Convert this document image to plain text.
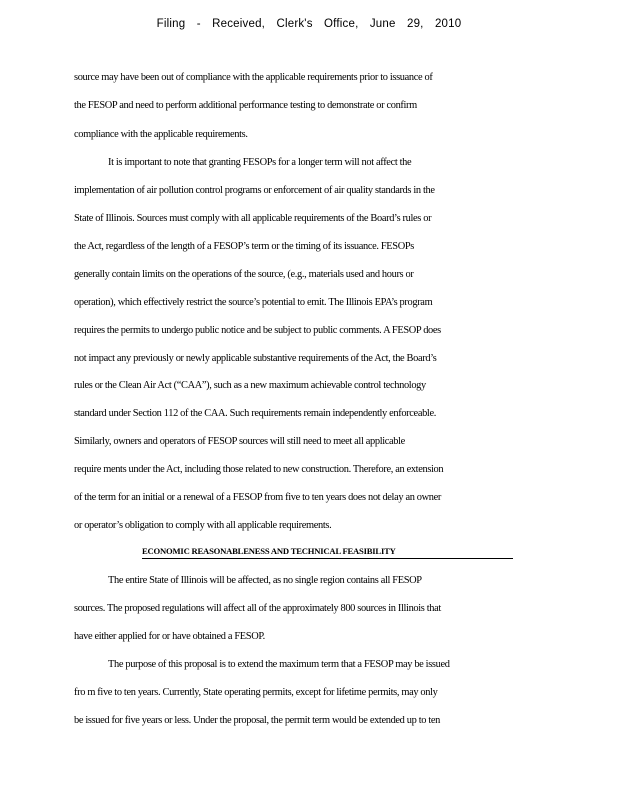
Filing - Received, Clerk's Office, June 29, 2010
source may have been out of compliance with the applicable requirements prior to issuance of
the FESOP and need to perform additional performance testing to demonstrate or confirm
compliance with the applicable requirements.
It is important to note that granting FESOPs for a longer term will not affect the
implementation of air pollution control programs or enforcement of air quality standards in the
State of Illinois. Sources must comply with all applicable requirements of the Board’s rules or
the Act, regardless of the length of a FESOP’s term or the timing of its issuance. FESOPs
generally contain limits on the operations of the source, (e.g., materials used and hours or
operation), which effectively restrict the source’s potential to emit. The Illinois EPA’s program
requires the permits to undergo public notice and be subject to public comments. A FESOP does
not impact any previously or newly applicable substantive requirements of the Act, the Board’s
rules or the Clean Air Act (“CAA”), such as a new maximum achievable control technology
standard under Section 112 of the CAA. Such requirements remain independently enforceable.
Similarly, owners and operators of FESOP sources will still need to meet all applicable
require ments under the Act, including those related to new construction. Therefore, an extension
of the term for an initial or a renewal of a FESOP from five to ten years does not delay an owner
or operator’s obligation to comply with all applicable requirements.
ECONOMIC REASONABLENESS AND TECHNICAL FEASIBILITY
The entire State of Illinois will be affected, as no single region contains all FESOP
sources. The proposed regulations will affect all of the approximately 800 sources in Illinois that
have either applied for or have obtained a FESOP.
The purpose of this proposal is to extend the maximum term that a FESOP may be issued
fro m five to ten years. Currently, State operating permits, except for lifetime permits, may only
be issued for five years or less. Under the proposal, the permit term would be extended up to ten
